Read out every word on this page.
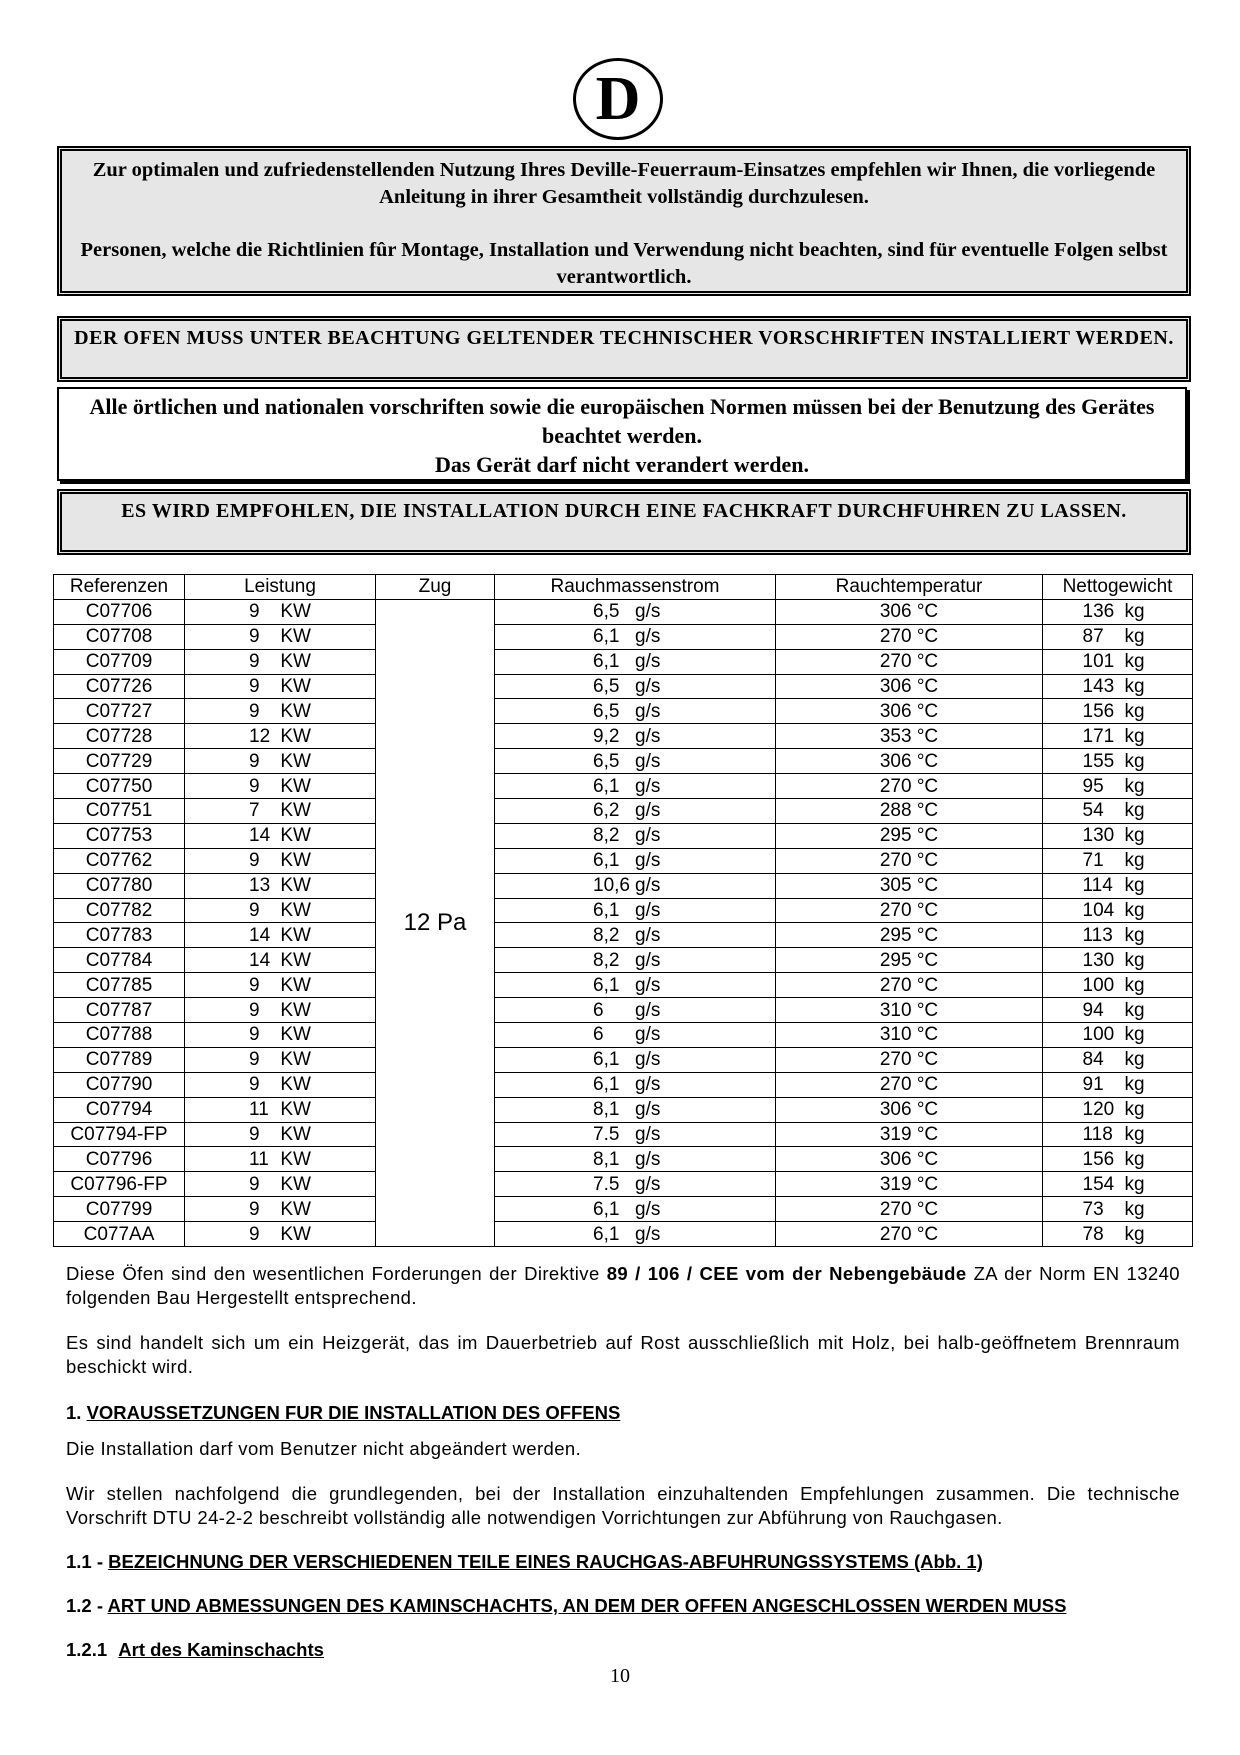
D

Zur optimalen und zufriedenstellenden Nutzung Ihres Deville-Feuerraum-Einsatzes empfehlen wir Ihnen, die vorliegende Anleitung in ihrer Gesamtheit vollständig durchzulesen.

Personen, welche die Richtlinien fûr Montage, Installation und Verwendung nicht beachten, sind für eventuelle Folgen selbst verantwortlich.

DER OFEN MUSS UNTER BEACHTUNG GELTENDER TECHNISCHER VORSCHRIFTEN INSTALLIERT WERDEN.
Alle örtlichen und nationalen vorschriften sowie die europäischen Normen müssen bei der Benutzung des Gerätes beachtet werden.
Das Gerät darf nicht verandert werden.
ES WIRD EMPFOHLEN, DIE INSTALLATION DURCH EINE FACHKRAFT DURCHFUHREN ZU LASSEN.
Referenzen	Leistung	Zug	Rauchmassenstrom	Rauchtemperatur	Nettogewicht
C07706	9 KW	12 Pa	6,5 g/s	306 °C	136 kg
C07708	9 KW		6,1 g/s	270 °C	87 kg
C07709	9 KW		6,1 g/s	270 °C	101 kg
C07726	9 KW		6,5 g/s	306 °C	143 kg
C07727	9 KW		6,5 g/s	306 °C	156 kg
C07728	12 KW		9,2 g/s	353 °C	171 kg
C07729	9 KW		6,5 g/s	306 °C	155 kg
C07750	9 KW		6,1 g/s	270 °C	95 kg
C07751	7 KW		6,2 g/s	288 °C	54 kg
C07753	14 KW		8,2 g/s	295 °C	130 kg
C07762	9 KW		6,1 g/s	270 °C	71 kg
C07780	13 KW		10,6 g/s	305 °C	114 kg
C07782	9 KW		6,1 g/s	270 °C	104 kg
C07783	14 KW		8,2 g/s	295 °C	113 kg
C07784	14 KW		8,2 g/s	295 °C	130 kg
C07785	9 KW		6,1 g/s	270 °C	100 kg
C07787	9 KW		6 g/s	310 °C	94 kg
C07788	9 KW		6 g/s	310 °C	100 kg
C07789	9 KW		6,1 g/s	270 °C	84 kg
C07790	9 KW		6,1 g/s	270 °C	91 kg
C07794	11 KW		8,1 g/s	306 °C	120 kg
C07794-FP	9 KW		7.5 g/s	319 °C	118 kg
C07796	11 KW		8,1 g/s	306 °C	156 kg
C07796-FP	9 KW		7.5 g/s	319 °C	154 kg
C07799	9 KW		6,1 g/s	270 °C	73 kg
C077AA	9 KW		6,1 g/s	270 °C	78 kg

Diese Öfen sind den wesentlichen Forderungen der Direktive 89 / 106 / CEE vom der Nebengebäude ZA der Norm EN 13240 folgenden Bau Hergestellt entsprechend.

Es sind handelt sich um ein Heizgerät, das im Dauerbetrieb auf Rost ausschließlich mit Holz, bei halb-geöffnetem Brennraum beschickt wird.

1. VORAUSSETZUNGEN FUR DIE INSTALLATION DES OFFENS

Die Installation darf vom Benutzer nicht abgeändert werden.

Wir stellen nachfolgend die grundlegenden, bei der Installation einzuhaltenden Empfehlungen zusammen. Die technische Vorschrift DTU 24-2-2 beschreibt vollständig alle notwendigen Vorrichtungen zur Abführung von Rauchgasen.

1.1 - BEZEICHNUNG DER VERSCHIEDENEN TEILE EINES RAUCHGAS-ABFUHRUNGSSYSTEMS (Abb. 1)
1.2 - ART UND ABMESSUNGEN DES KAMINSCHACHTS, AN DEM DER OFFEN ANGESCHLOSSEN WERDEN MUSS
1.2.1 Art des Kaminschachts
10
